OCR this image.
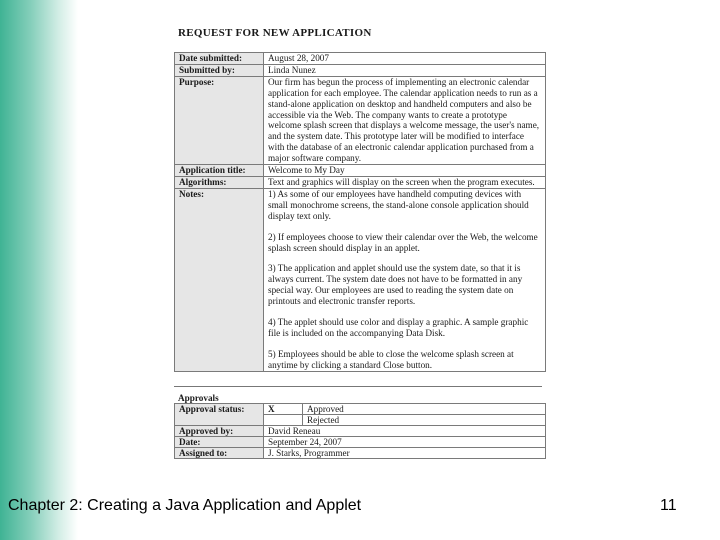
REQUEST FOR NEW APPLICATION
Date submitted:	August 28, 2007
Submitted by:	Linda Nunez
Purpose:	Our firm has begun the process of implementing an electronic calendar application for each employee. The calendar application needs to run as a stand-alone application on desktop and handheld computers and also be accessible via the Web. The company wants to create a prototype welcome splash screen that displays a welcome message, the user's name, and the system date. This prototype later will be modified to interface with the database of an electronic calendar application purchased from a major software company.
Application title:	Welcome to My Day
Algorithms:	Text and graphics will display on the screen when the program executes.
Notes:	1) As some of our employees have handheld computing devices with small monochrome screens, the stand-alone console application should display text only.

2) If employees choose to view their calendar over the Web, the welcome splash screen should display in an applet.

3) The application and applet should use the system date, so that it is always current. The system date does not have to be formatted in any special way. Our employees are used to reading the system date on printouts and electronic transfer reports.

4) The applet should use color and display a graphic. A sample graphic file is included on the accompanying Data Disk.

5) Employees should be able to close the welcome splash screen at anytime by clicking a standard Close button.

Approvals
Approval status:	X	Approved
		Rejected
Approved by:	David Reneau	
Date:	September 24, 2007	
Assigned to:	J. Starks, Programmer	
Chapter 2: Creating a Java Application and Applet	11
